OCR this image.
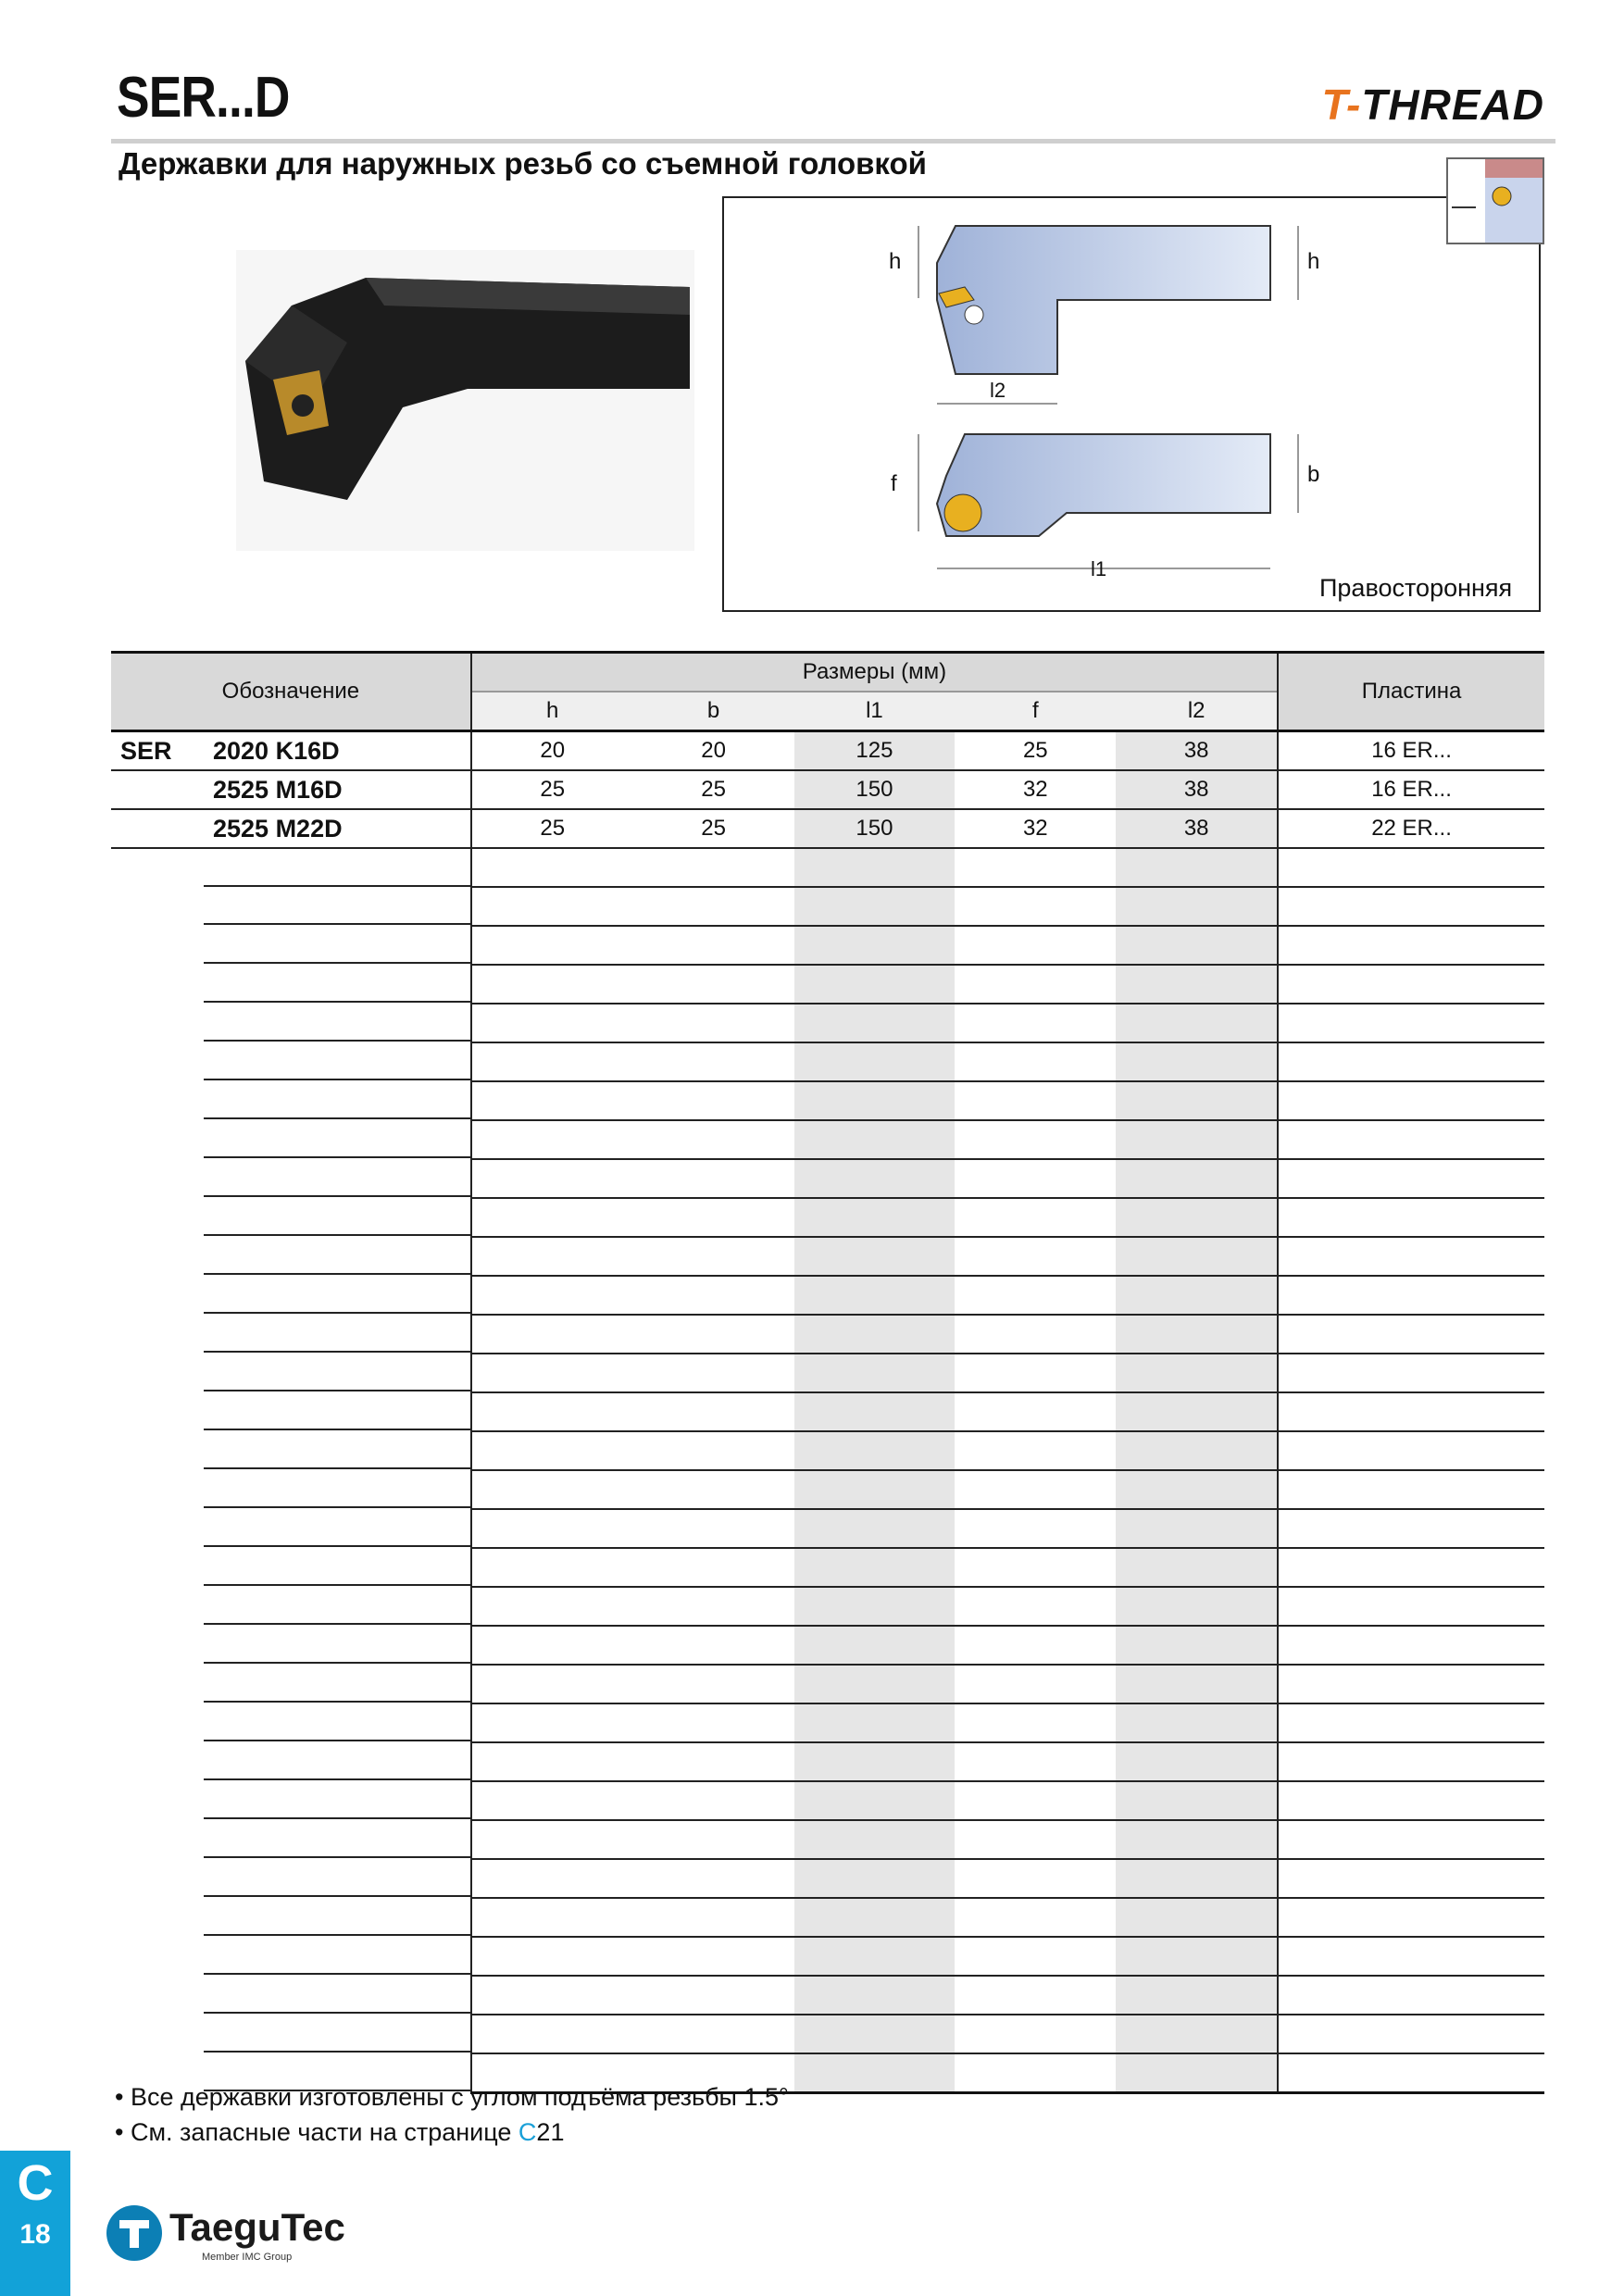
SER...D	T-THREAD
Державки для наружных резьб со съемной головкой
h	h
l2
f	b
l1
Правосторонняя
Обозначение	Размеры (мм)					Пластина
	h	b	l1	f	l2	
SER 2020 K16D	20	20	125	25	38	16 ER...
2525 M16D	25	25	150	32	38	16 ER...
2525 M22D	25	25	150	32	38	22 ER...

• Все державки изготовлены с углом подъёма резьбы 1.5°
• См. запасные части на странице C21
C
18	TaeguTec
Member IMC Group
